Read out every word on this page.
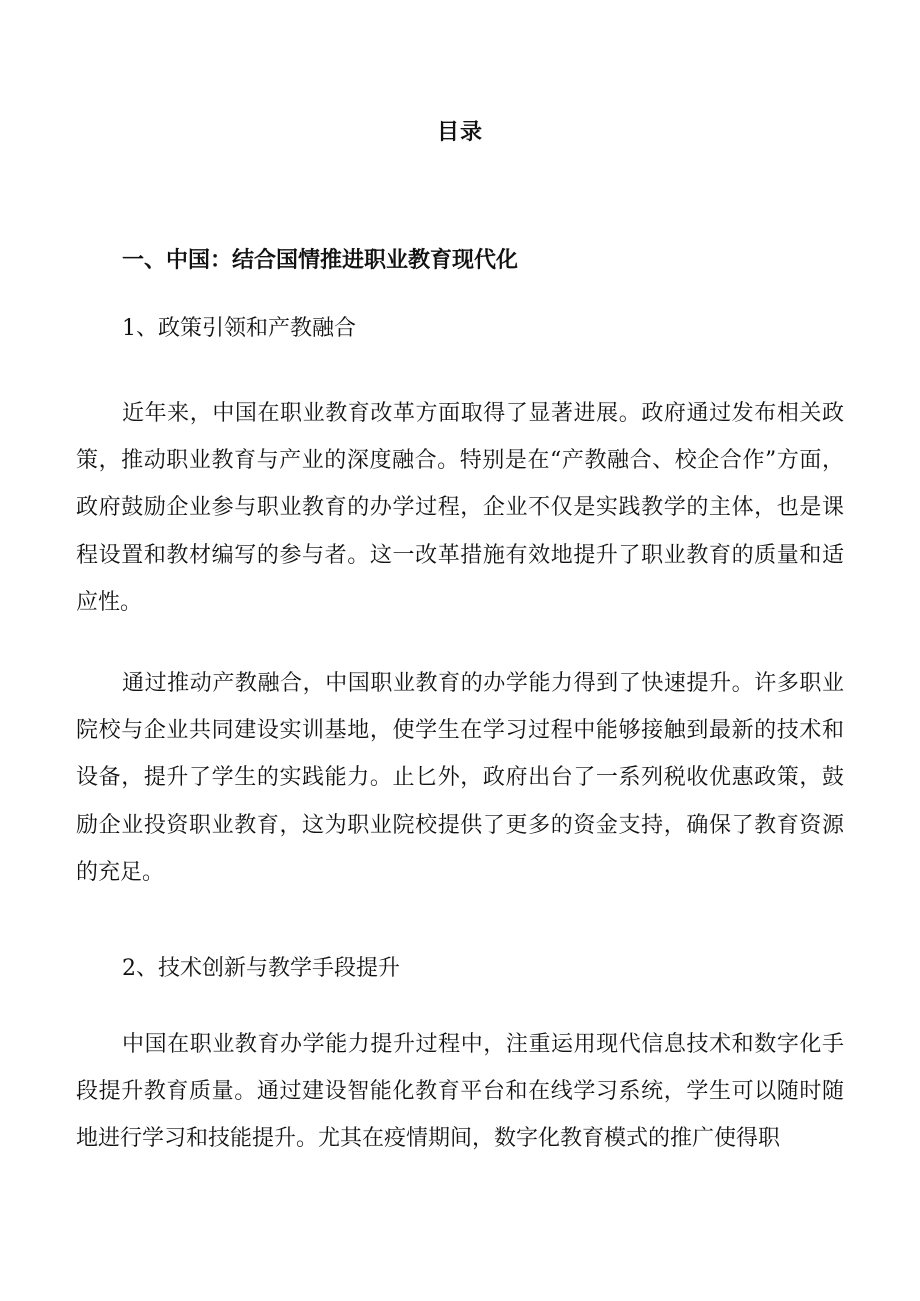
目录

一、中国：结合国情推进职业教育现代化

1、政策引领和产教融合

近年来，中国在职业教育改革方面取得了显著进展。政府通过发布相关政策，推动职业教育与产业的深度融合。特别是在“产教融合、校企合作”方面，政府鼓励企业参与职业教育的办学过程，企业不仅是实践教学的主体，也是课程设置和教材编写的参与者。这一改革措施有效地提升了职业教育的质量和适应性。

通过推动产教融合，中国职业教育的办学能力得到了快速提升。许多职业院校与企业共同建设实训基地，使学生在学习过程中能够接触到最新的技术和设备，提升了学生的实践能力。止匕外，政府出台了一系列税收优惠政策，鼓励企业投资职业教育，这为职业院校提供了更多的资金支持，确保了教育资源的充足。

2、技术创新与教学手段提升

中国在职业教育办学能力提升过程中，注重运用现代信息技术和数字化手段提升教育质量。通过建设智能化教育平台和在线学习系统，学生可以随时随地进行学习和技能提升。尤其在疫情期间，数字化教育模式的推广使得职
